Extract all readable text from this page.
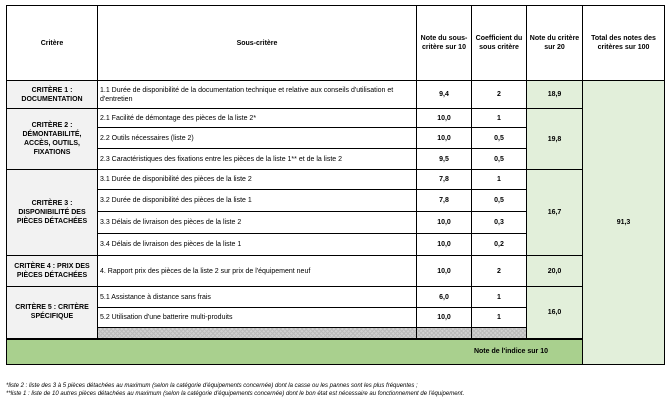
Critère	Sous-critère	Note du sous-critère sur 10	Coefficient du sous critère	Note du critère sur 20	Total des notes des critères sur 100	
CRITÈRE 1 : DOCUMENTATION	1.1 Durée de disponibilité de la documentation technique et relative aux conseils d'utilisation et d'entretien	9,4	2	18,9	91,3	
CRITÈRE 2 : DÉMONTABILITÉ, ACCÈS, OUTILS, FIXATIONS	2.1 Facilité de démontage des pièces de la liste 2*	10,0	1	19,8		
	2.2 Outils nécessaires (liste 2)	10,0	0,5			
	2.3 Caractéristiques des fixations entre les pièces de la liste 1** et de la liste 2	9,5	0,5			
CRITÈRE 3 : DISPONIBILITÉ DES PIÈCES DÉTACHÉES	3.1 Durée de disponibilité des pièces de la liste 2	7,8	1	16,7		
	3.2 Durée de disponibilité des pièces de la liste 1	7,8	0,5			
	3.3 Délais de livraison des pièces de la liste 2	10,0	0,3			
	3.4 Délais de livraison des pièces de la liste 1	10,0	0,2			
CRITÈRE 4 : PRIX DES PIÈCES DÉTACHÉES	4. Rapport prix des pièces de la liste 2 sur prix de l'équipement neuf	10,0	2	20,0		
CRITÈRE 5 : CRITÈRE SPÉCIFIQUE	5.1 Assistance à distance sans frais	6,0	1	16,0		
	5.2 Utilisation d'une batterire multi-produits	10,0	1			

Note de l'indice sur 10	
*liste 2 : liste des 3 à 5 pièces détachées au maximum (selon la catégorie d'équipements concernée) dont la casse ou les pannes sont les plus fréquentes ;
**liste 1 : liste de 10 autres pièces détachées au maximum (selon la catégorie d'équipements concernée) dont le bon état est nécessaire au fonctionnement de l'équipement.
